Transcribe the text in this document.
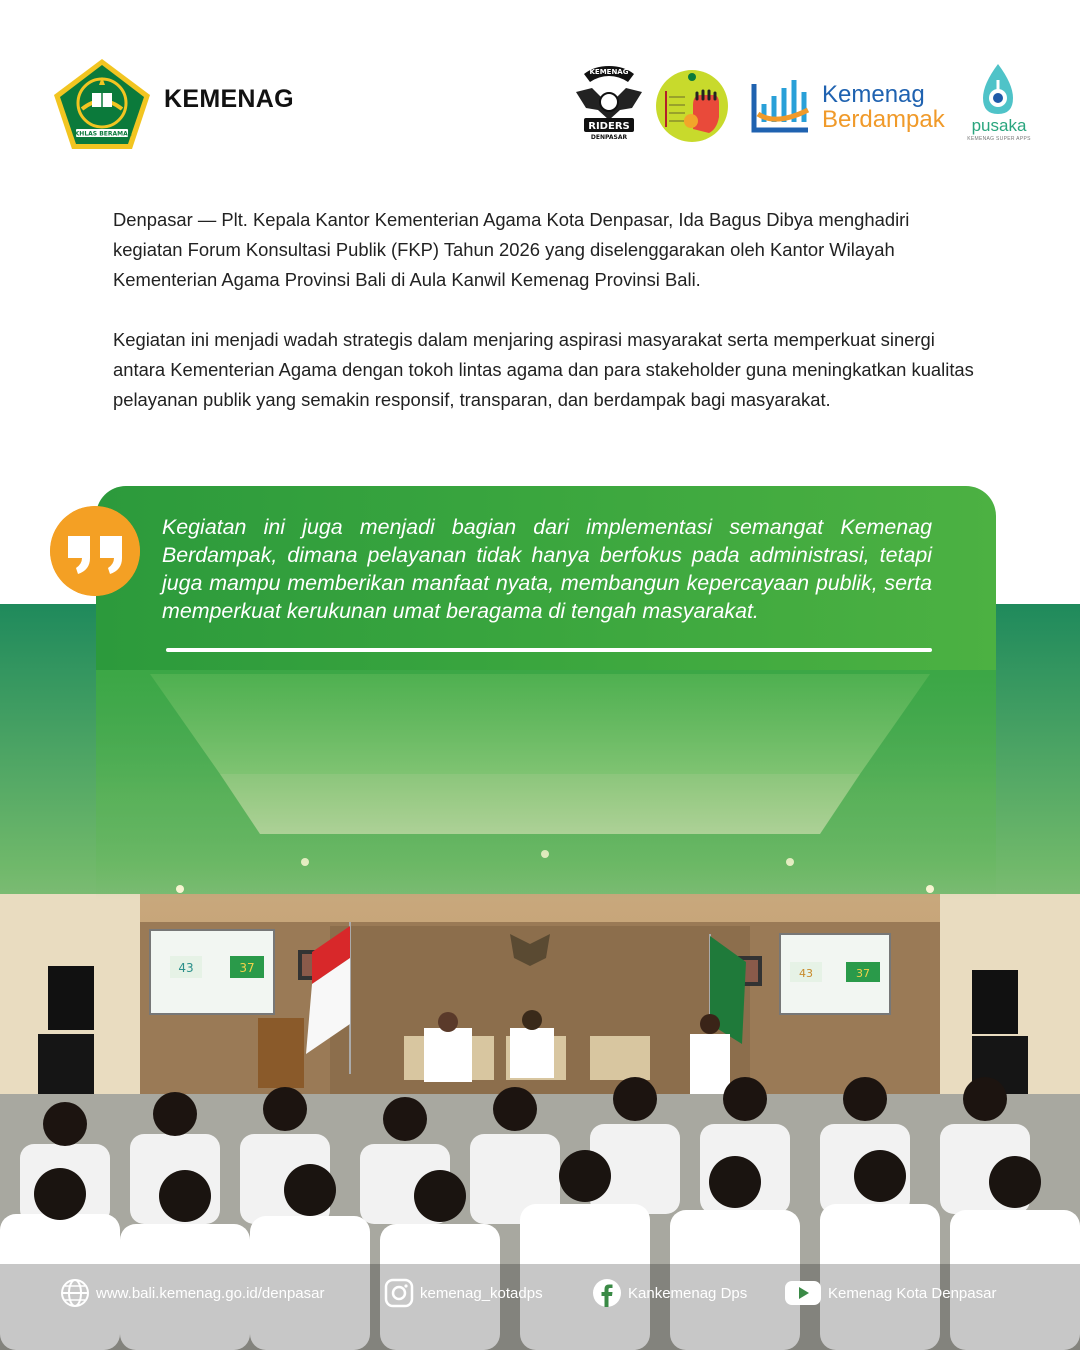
IKHLAS BERAMAL
KEMENAG
KEMENAG
RIDERS
DENPASAR
Kemenag
Berdampak	pusaka
KEMENAG SUPER APPS

Denpasar — Plt. Kepala Kantor Kementerian Agama Kota Denpasar, Ida Bagus Dibya menghadiri kegiatan Forum Konsultasi Publik (FKP) Tahun 2026 yang diselenggarakan oleh Kantor Wilayah Kementerian Agama Provinsi Bali di Aula Kanwil Kemenag Provinsi Bali.

Kegiatan ini menjadi wadah strategis dalam menjaring aspirasi masyarakat serta memperkuat sinergi antara Kementerian Agama dengan tokoh lintas agama dan para stakeholder guna meningkatkan kualitas pelayanan publik yang semakin responsif, transparan, dan berdampak bagi masyarakat.

43	37	43	37
Kegiatan ini juga menjadi bagian dari implementasi semangat Kemenag Berdampak, dimana pelayanan tidak hanya berfokus pada administrasi, tetapi juga mampu memberikan manfaat nyata, membangun kepercayaan publik, serta memperkuat kerukunan umat beragama di tengah masyarakat.
www.bali.kemenag.go.id/denpasar	kemenag_kotadps	Kankemenag Dps	Kemenag Kota Denpasar
